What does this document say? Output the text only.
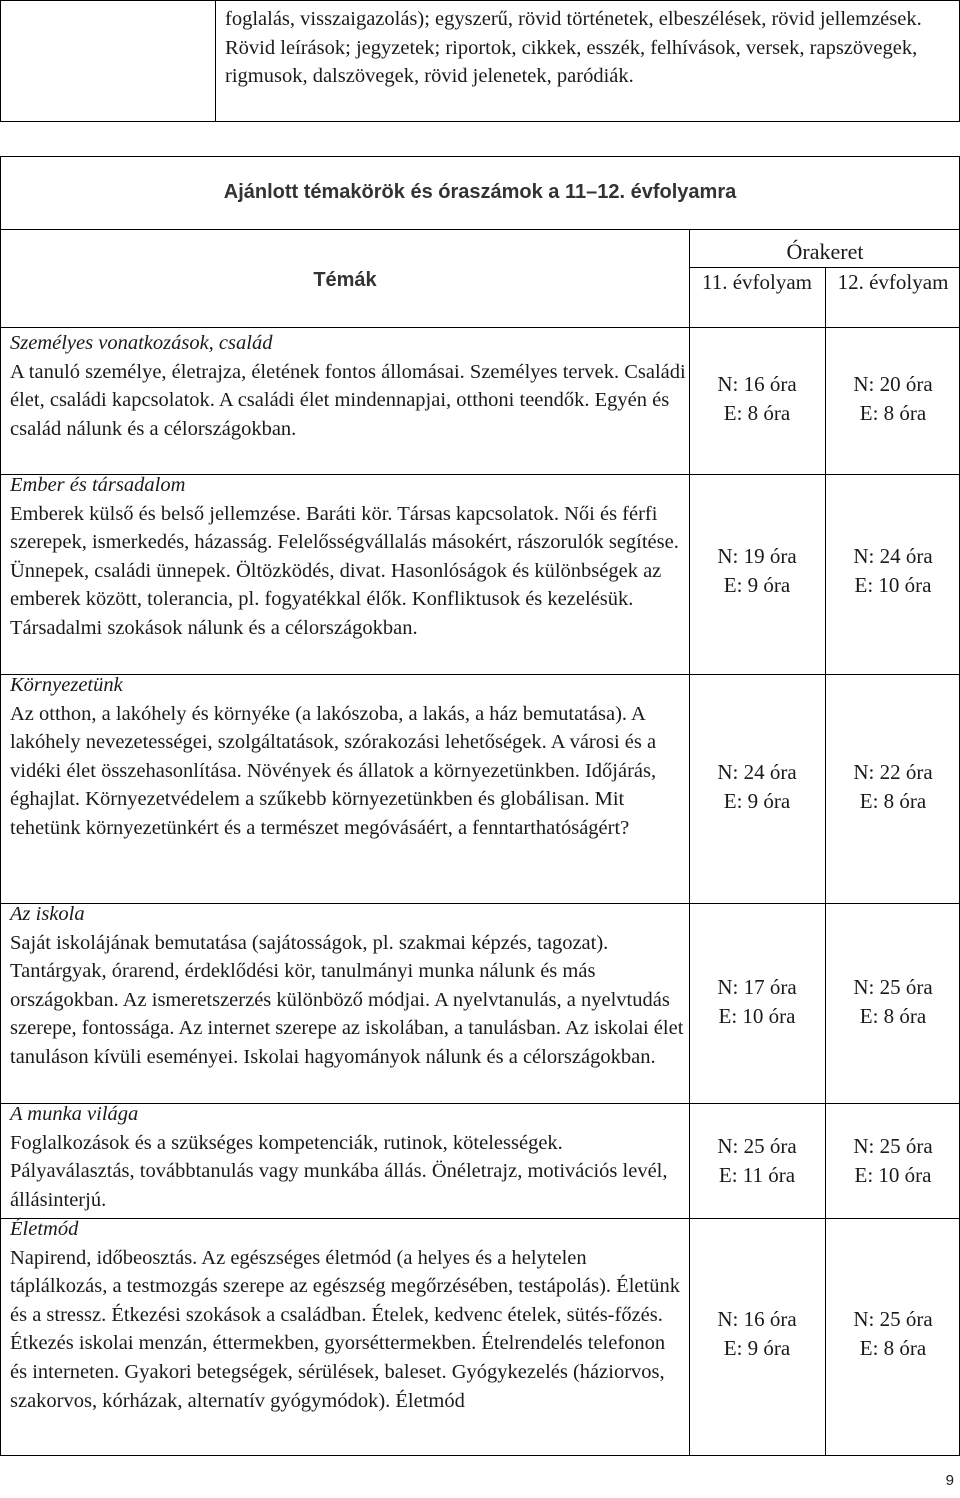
foglalás, visszaigazolás); egyszerű, rövid történetek, elbeszélések, rövid jellemzések. Rövid leírások; jegyzetek; riportok, cikkek, esszék, felhívások, versek, rapszövegek, rigmusok, dalszövegek, rövid jelenetek, paródiák.

Ajánlott témakörök és óraszámok a 11–12. évfolyamra
Témák
Órakeret
11. évfolyam	12. évfolyam
Személyes vonatkozások, család
A tanuló személye, életrajza, életének fontos állomásai. Személyes tervek. Családi élet, családi kapcsolatok. A családi élet mindennapjai, otthoni teendők. Egyén és család nálunk és a célországokban.
N: 16 óra
E: 8 óra
N: 20 óra
E: 8 óra
Ember és társadalom
Emberek külső és belső jellemzése. Baráti kör. Társas kapcsolatok. Női és férfi szerepek, ismerkedés, házasság. Felelősségvállalás másokért, rászorulók segítése. Ünnepek, családi ünnepek. Öltözködés, divat. Hasonlóságok és különbségek az emberek között, tolerancia, pl. fogyatékkal élők. Konfliktusok és kezelésük. Társadalmi szokások nálunk és a célországokban.
N: 19 óra
E: 9 óra
N: 24 óra
E: 10 óra
Környezetünk
Az otthon, a lakóhely és környéke (a lakószoba, a lakás, a ház bemutatása). A lakóhely nevezetességei, szolgáltatások, szórakozási lehetőségek. A városi és a vidéki élet összehasonlítása. Növények és állatok a környezetünkben. Időjárás, éghajlat. Környezetvédelem a szűkebb környezetünkben és globálisan. Mit tehetünk környezetünkért és a természet megóvásáért, a fenntarthatóságért?
N: 24 óra
E: 9 óra
N: 22 óra
E: 8 óra
Az iskola
Saját iskolájának bemutatása (sajátosságok, pl. szakmai képzés, tagozat). Tantárgyak, órarend, érdeklődési kör, tanulmányi munka nálunk és más országokban. Az ismeretszerzés különböző módjai. A nyelvtanulás, a nyelvtudás szerepe, fontossága. Az internet szerepe az iskolában, a tanulásban. Az iskolai élet tanuláson kívüli eseményei. Iskolai hagyományok nálunk és a célországokban.
N: 17 óra
E: 10 óra
N: 25 óra
E: 8 óra
A munka világa
Foglalkozások és a szükséges kompetenciák, rutinok, kötelességek. Pályaválasztás, továbbtanulás vagy munkába állás. Önéletrajz, motivációs levél, állásinterjú.
N: 25 óra
E: 11 óra
N: 25 óra
E: 10 óra
Életmód
Napirend, időbeosztás. Az egészséges életmód (a helyes és a helytelen táplálkozás, a testmozgás szerepe az egészség megőrzésében, testápolás). Életünk és a stressz. Étkezési szokások a családban. Ételek, kedvenc ételek, sütés-főzés. Étkezés iskolai menzán, éttermekben, gyorséttermekben. Ételrendelés telefonon és interneten. Gyakori betegségek, sérülések, baleset. Gyógykezelés (háziorvos, szakorvos, kórházak, alternatív gyógymódok). Életmód
N: 16 óra
E: 9 óra
N: 25 óra
E: 8 óra
9
